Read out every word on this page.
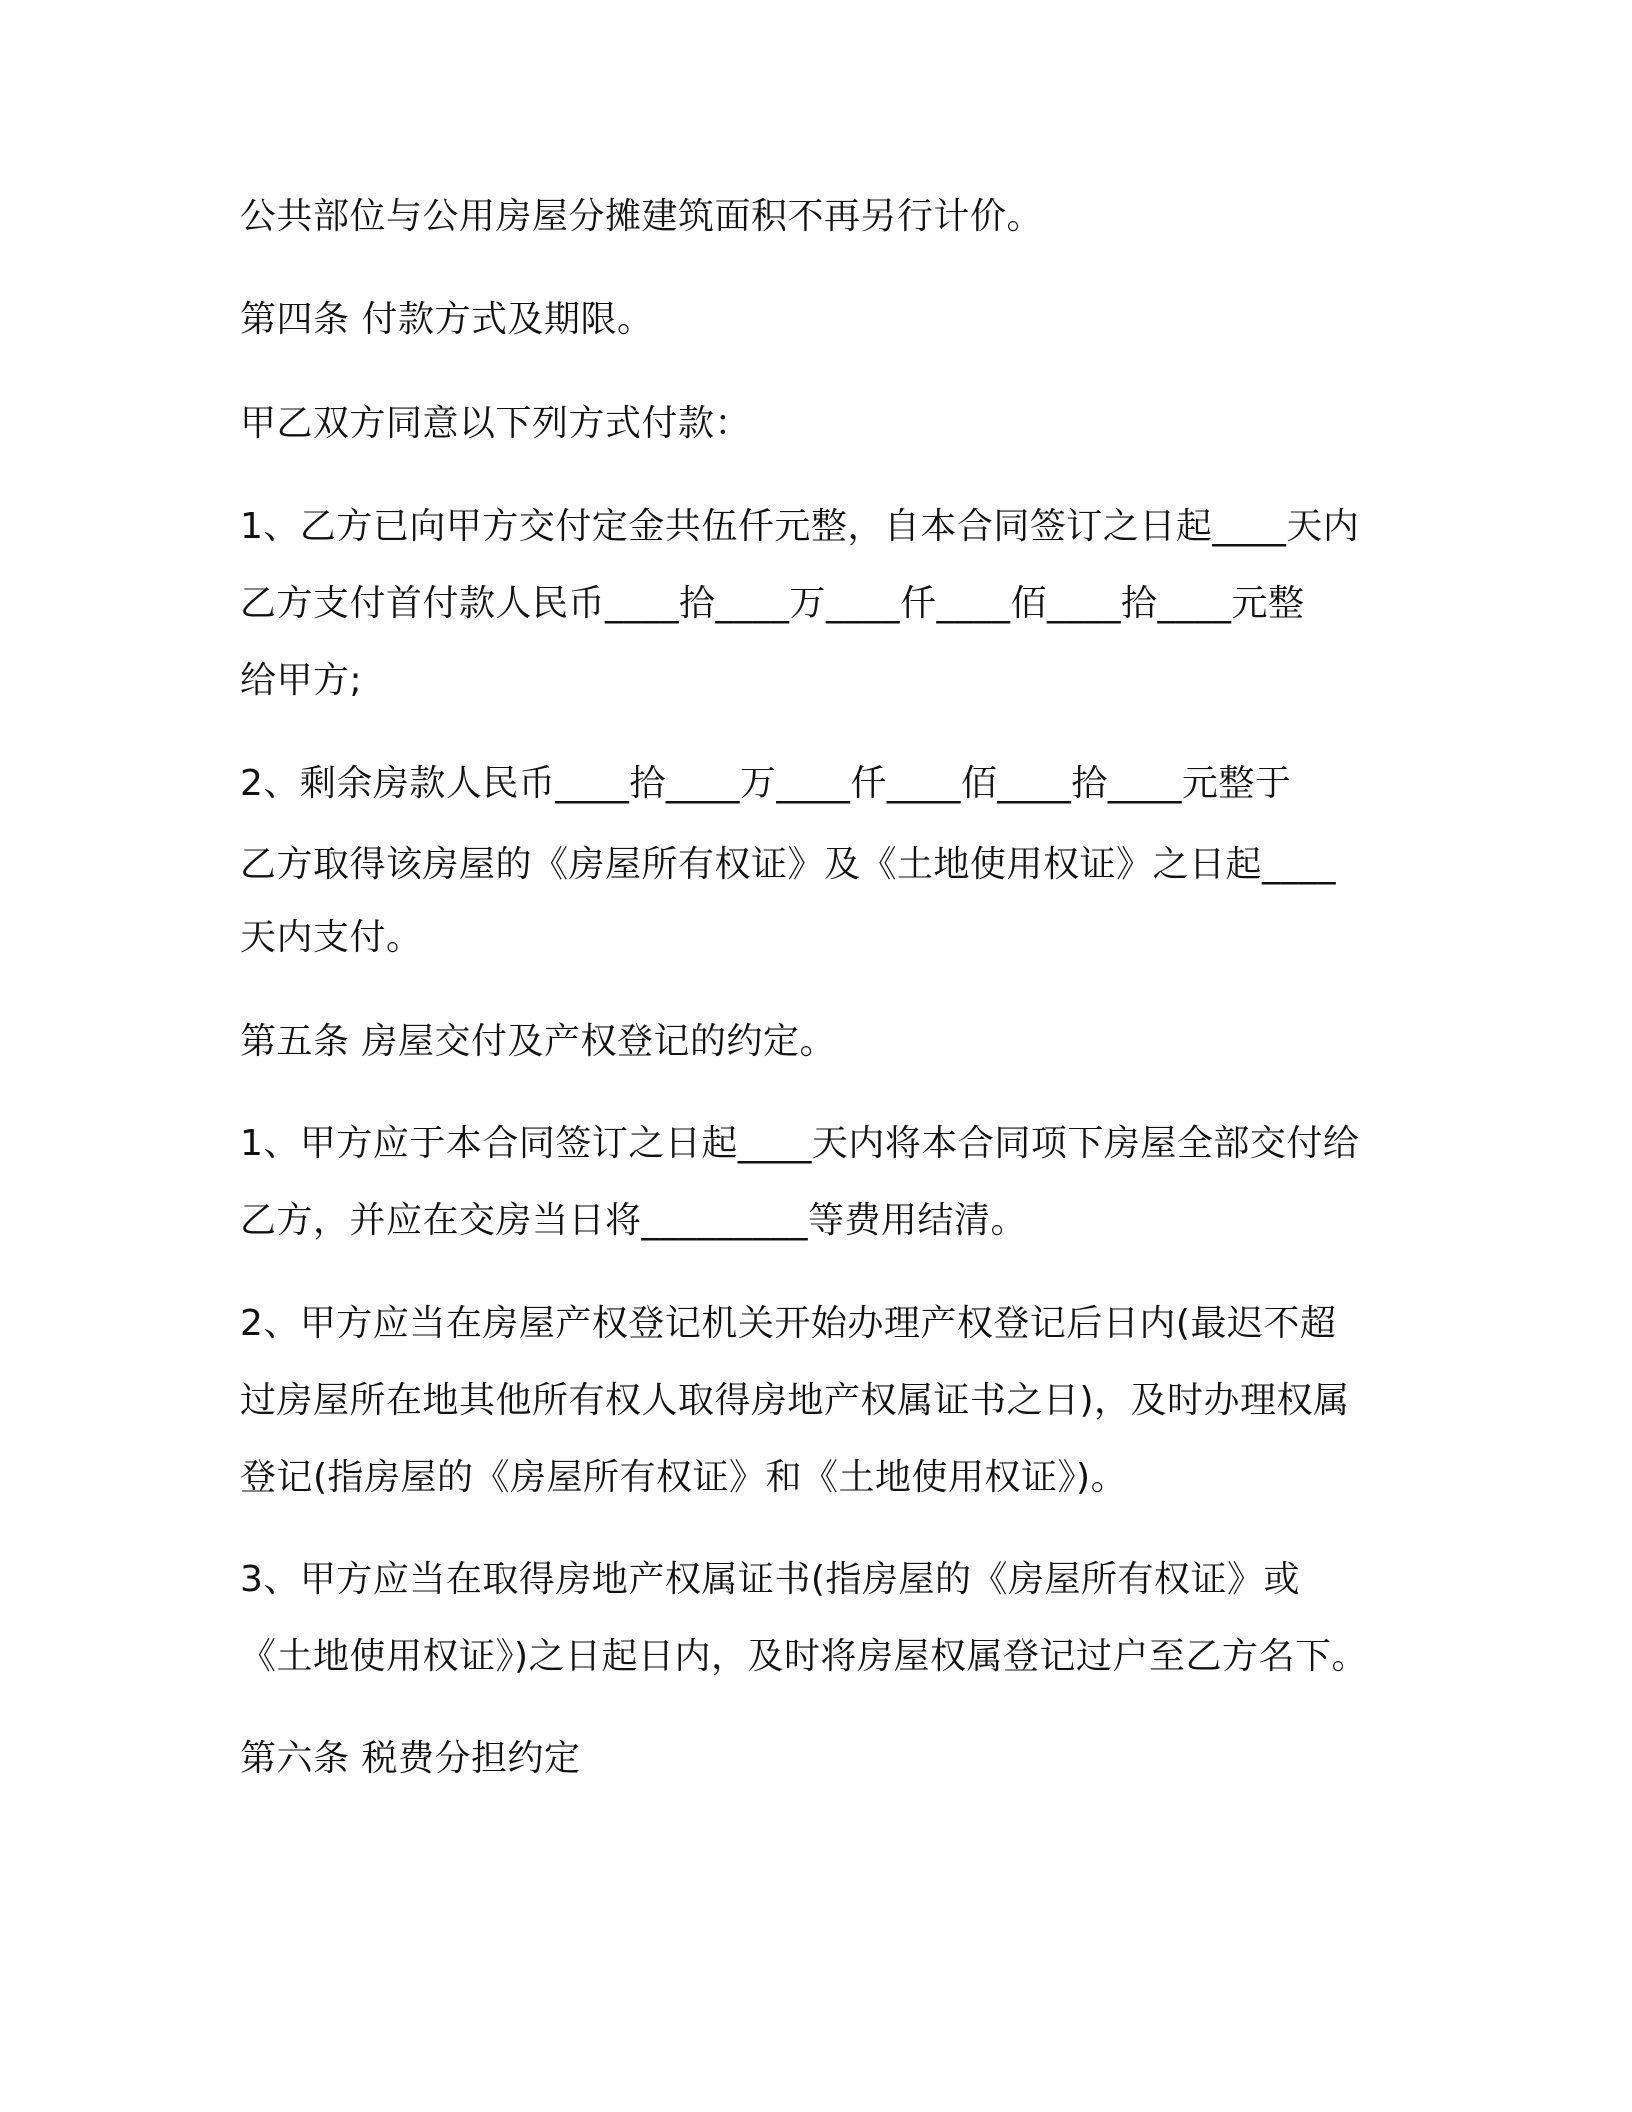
公共部位与公用房屋分摊建筑面积不再另行计价。
第四条 付款方式及期限。
甲乙双方同意以下列方式付款：
1、乙方已向甲方交付定金共伍仟元整，自本合同签订之日起____天内
乙方支付首付款人民币____拾____万____仟____佰____拾____元整
给甲方;
2、剩余房款人民币____拾____万____仟____佰____拾____元整于
乙方取得该房屋的《房屋所有权证》及《土地使用权证》之日起____
天内支付。
第五条 房屋交付及产权登记的约定。
1、甲方应于本合同签订之日起____天内将本合同项下房屋全部交付给
乙方，并应在交房当日将_________等费用结清。
2、甲方应当在房屋产权登记机关开始办理产权登记后日内(最迟不超
过房屋所在地其他所有权人取得房地产权属证书之日)，及时办理权属
登记(指房屋的《房屋所有权证》和《土地使用权证》)。
3、甲方应当在取得房地产权属证书(指房屋的《房屋所有权证》或
《土地使用权证》)之日起日内，及时将房屋权属登记过户至乙方名下。
第六条 税费分担约定
